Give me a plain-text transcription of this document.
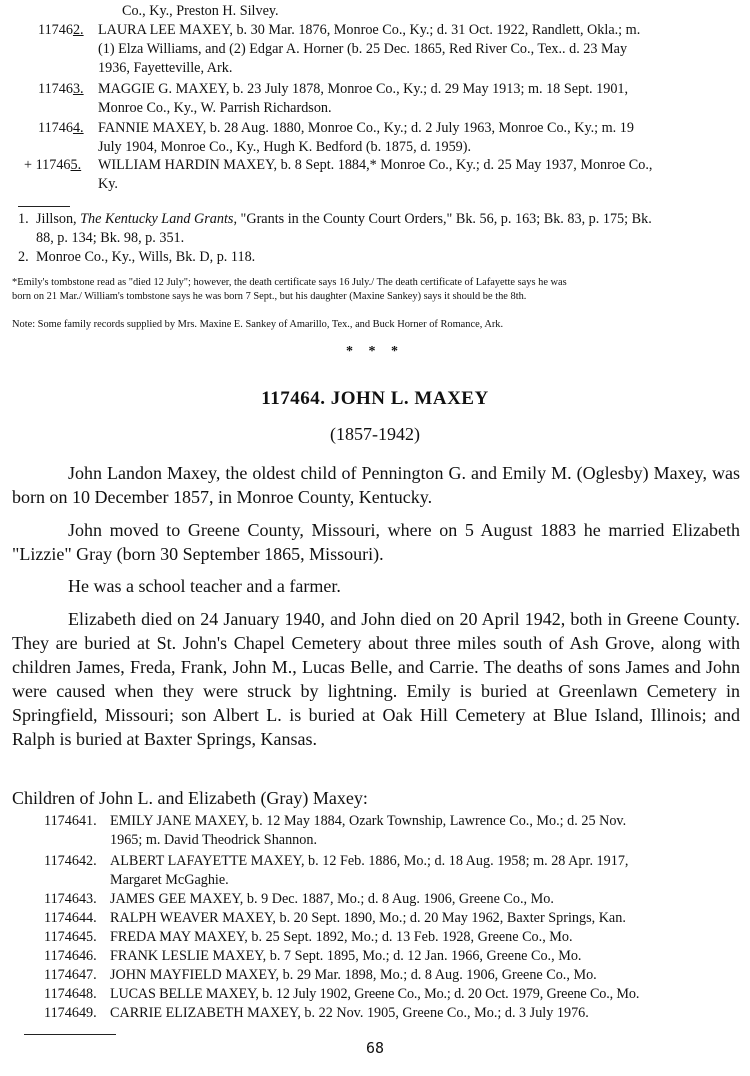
Co., Ky., Preston H. Silvey.
117462. LAURA LEE MAXEY, b. 30 Mar. 1876, Monroe Co., Ky.; d. 31 Oct. 1922, Randlett, Okla.; m.
(1) Elza Williams, and (2) Edgar A. Horner (b. 25 Dec. 1865, Red River Co., Tex.. d. 23 May
1936, Fayetteville, Ark.
117463. MAGGIE G. MAXEY, b. 23 July 1878, Monroe Co., Ky.; d. 29 May 1913; m. 18 Sept. 1901,
Monroe Co., Ky., W. Parrish Richardson.
117464. FANNIE MAXEY, b. 28 Aug. 1880, Monroe Co., Ky.; d. 2 July 1963, Monroe Co., Ky.; m. 19
July 1904, Monroe Co., Ky., Hugh K. Bedford (b. 1875, d. 1959).
+ 117465. WILLIAM HARDIN MAXEY, b. 8 Sept. 1884,* Monroe Co., Ky.; d. 25 May 1937, Monroe Co.,
Ky.
1. Jillson, The Kentucky Land Grants, "Grants in the County Court Orders," Bk. 56, p. 163; Bk. 83, p. 175; Bk.
88, p. 134; Bk. 98, p. 351.
2. Monroe Co., Ky., Wills, Bk. D, p. 118.
*Emily's tombstone read as "died 12 July"; however, the death certificate says 16 July./ The death certificate of Lafayette says he was
born on 21 Mar./ William's tombstone says he was born 7 Sept., but his daughter (Maxine Sankey) says it should be the 8th.
Note: Some family records supplied by Mrs. Maxine E. Sankey of Amarillo, Tex., and Buck Horner of Romance, Ark.
* * *
117464. JOHN L. MAXEY
(1857-1942)
John Landon Maxey, the oldest child of Pennington G. and Emily M. (Oglesby) Maxey, was born on 10 December 1857, in Monroe County, Kentucky.
John moved to Greene County, Missouri, where on 5 August 1883 he married Elizabeth "Lizzie" Gray (born 30 September 1865, Missouri).
He was a school teacher and a farmer.
Elizabeth died on 24 January 1940, and John died on 20 April 1942, both in Greene County. They are buried at St. John's Chapel Cemetery about three miles south of Ash Grove, along with children James, Freda, Frank, John M., Lucas Belle, and Carrie. The deaths of sons James and John were caused when they were struck by lightning. Emily is buried at Greenlawn Cemetery in Springfield, Missouri; son Albert L. is buried at Oak Hill Cemetery at Blue Island, Illinois; and Ralph is buried at Baxter Springs, Kansas.
Children of John L. and Elizabeth (Gray) Maxey:
1174641. EMILY JANE MAXEY, b. 12 May 1884, Ozark Township, Lawrence Co., Mo.; d. 25 Nov.
1965; m. David Theodrick Shannon.
1174642. ALBERT LAFAYETTE MAXEY, b. 12 Feb. 1886, Mo.; d. 18 Aug. 1958; m. 28 Apr. 1917,
Margaret McGaghie.
1174643. JAMES GEE MAXEY, b. 9 Dec. 1887, Mo.; d. 8 Aug. 1906, Greene Co., Mo.
1174644. RALPH WEAVER MAXEY, b. 20 Sept. 1890, Mo.; d. 20 May 1962, Baxter Springs, Kan.
1174645. FREDA MAY MAXEY, b. 25 Sept. 1892, Mo.; d. 13 Feb. 1928, Greene Co., Mo.
1174646. FRANK LESLIE MAXEY, b. 7 Sept. 1895, Mo.; d. 12 Jan. 1966, Greene Co., Mo.
1174647. JOHN MAYFIELD MAXEY, b. 29 Mar. 1898, Mo.; d. 8 Aug. 1906, Greene Co., Mo.
1174648. LUCAS BELLE MAXEY, b. 12 July 1902, Greene Co., Mo.; d. 20 Oct. 1979, Greene Co., Mo.
1174649. CARRIE ELIZABETH MAXEY, b. 22 Nov. 1905, Greene Co., Mo.; d. 3 July 1976.
68
